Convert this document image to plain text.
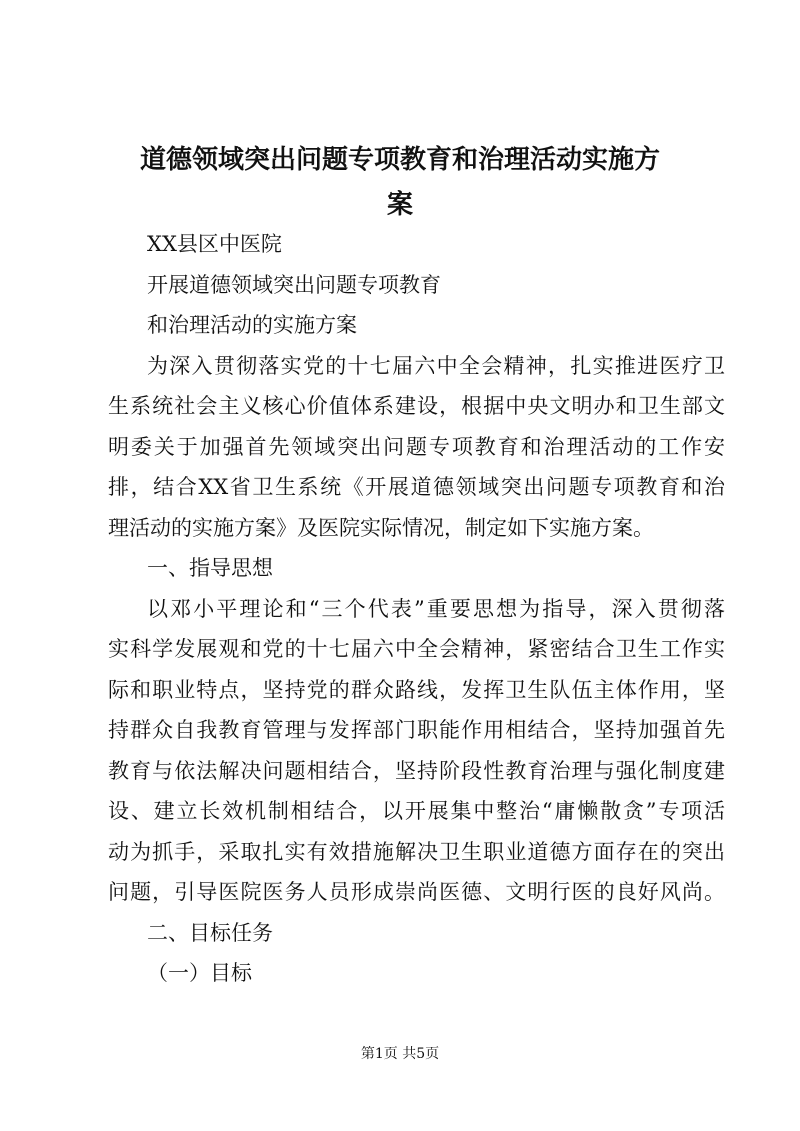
道德领域突出问题专项教育和治理活动实施方
案
XX县区中医院
开展道德领域突出问题专项教育
和治理活动的实施方案
为深入贯彻落实党的十七届六中全会精神，扎实推进医疗卫
生系统社会主义核心价值体系建设，根据中央文明办和卫生部文
明委关于加强首先领域突出问题专项教育和治理活动的工作安
排，结合XX省卫生系统《开展道德领域突出问题专项教育和治
理活动的实施方案》及医院实际情况，制定如下实施方案。
一、指导思想
以邓小平理论和“三个代表”重要思想为指导，深入贯彻落
实科学发展观和党的十七届六中全会精神，紧密结合卫生工作实
际和职业特点，坚持党的群众路线，发挥卫生队伍主体作用，坚
持群众自我教育管理与发挥部门职能作用相结合，坚持加强首先
教育与依法解决问题相结合，坚持阶段性教育治理与强化制度建
设、建立长效机制相结合，以开展集中整治“庸懒散贪”专项活
动为抓手，采取扎实有效措施解决卫生职业道德方面存在的突出
问题，引导医院医务人员形成崇尚医德、文明行医的良好风尚。
二、目标任务
（一）目标
第1页 共5页
